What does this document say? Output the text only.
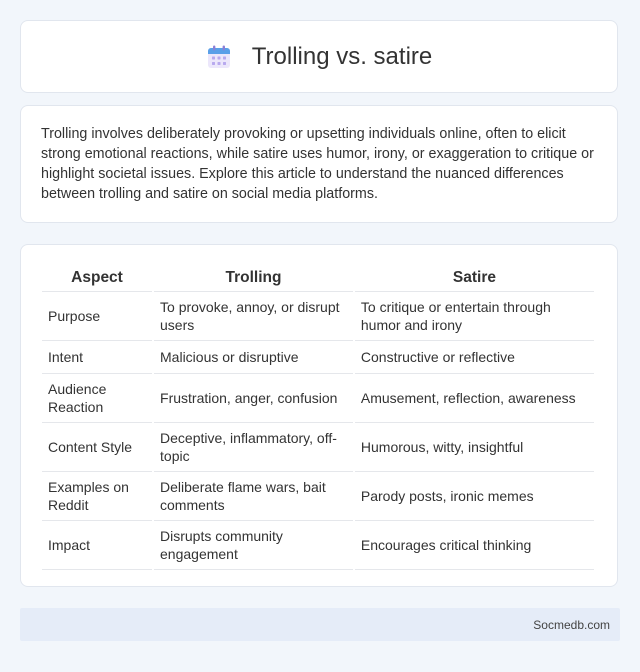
Trolling vs. satire

Trolling involves deliberately provoking or upsetting individuals online, often to elicit strong emotional reactions, while satire uses humor, irony, or exaggeration to critique or highlight societal issues. Explore this article to understand the nuanced differences between trolling and satire on social media platforms.

Aspect	Trolling	Satire
Purpose	To provoke, annoy, or disrupt users	To critique or entertain through humor and irony
Intent	Malicious or disruptive	Constructive or reflective
Audience Reaction	Frustration, anger, confusion	Amusement, reflection, awareness
Content Style	Deceptive, inflammatory, off-topic	Humorous, witty, insightful
Examples on Reddit	Deliberate flame wars, bait comments	Parody posts, ironic memes
Impact	Disrupts community engagement	Encourages critical thinking
Socmedb.com
